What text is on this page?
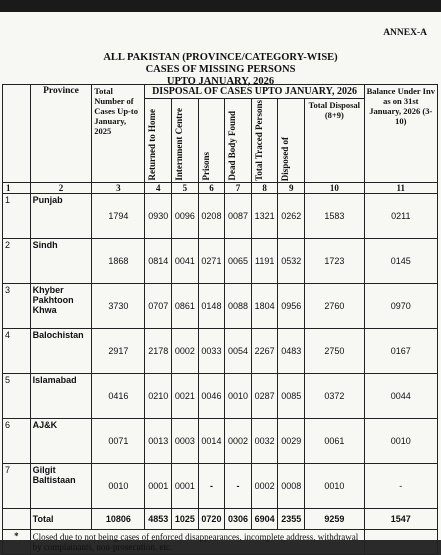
ANNEX-A
ALL PAKISTAN (PROVINCE/CATEGORY-WISE)
CASES OF MISSING PERSONS
UPTO JANUARY, 2026
	Province	Total Number of Cases Up-to January, 2025	DISPOSAL OF CASES UPTO JANUARY, 2026							Balance Under Inv as on 31st January, 2026 (3-10)

			Returned to Home	Internment Centre	Prisons	Dead Body Found	Total Traced Persons	Disposed of	Total Disposal (8+9)	
1	2	3	4	5	6	7	8	9	10	11
1	Punjab	1794	0930	0096	0208	0087	1321	0262	1583	0211
2	Sindh	1868	0814	0041	0271	0065	1191	0532	1723	0145
3	Khyber Pakhtoon Khwa	3730	0707	0861	0148	0088	1804	0956	2760	0970
4	Balochistan	2917	2178	0002	0033	0054	2267	0483	2750	0167
5	Islamabad	0416	0210	0021	0046	0010	0287	0085	0372	0044
6	AJ&K	0071	0013	0003	0014	0002	0032	0029	0061	0010
7	Gilgit Baltistaan	0010	0001	0001	-	-	0002	0008	0010	-
	Total	10806	4853	1025	0720	0306	6904	2355	9259	1547
*	Closed due to not being cases of enforced disappearances, incomplete address, withdrawal by complainants, non-prosecution. etc.									
